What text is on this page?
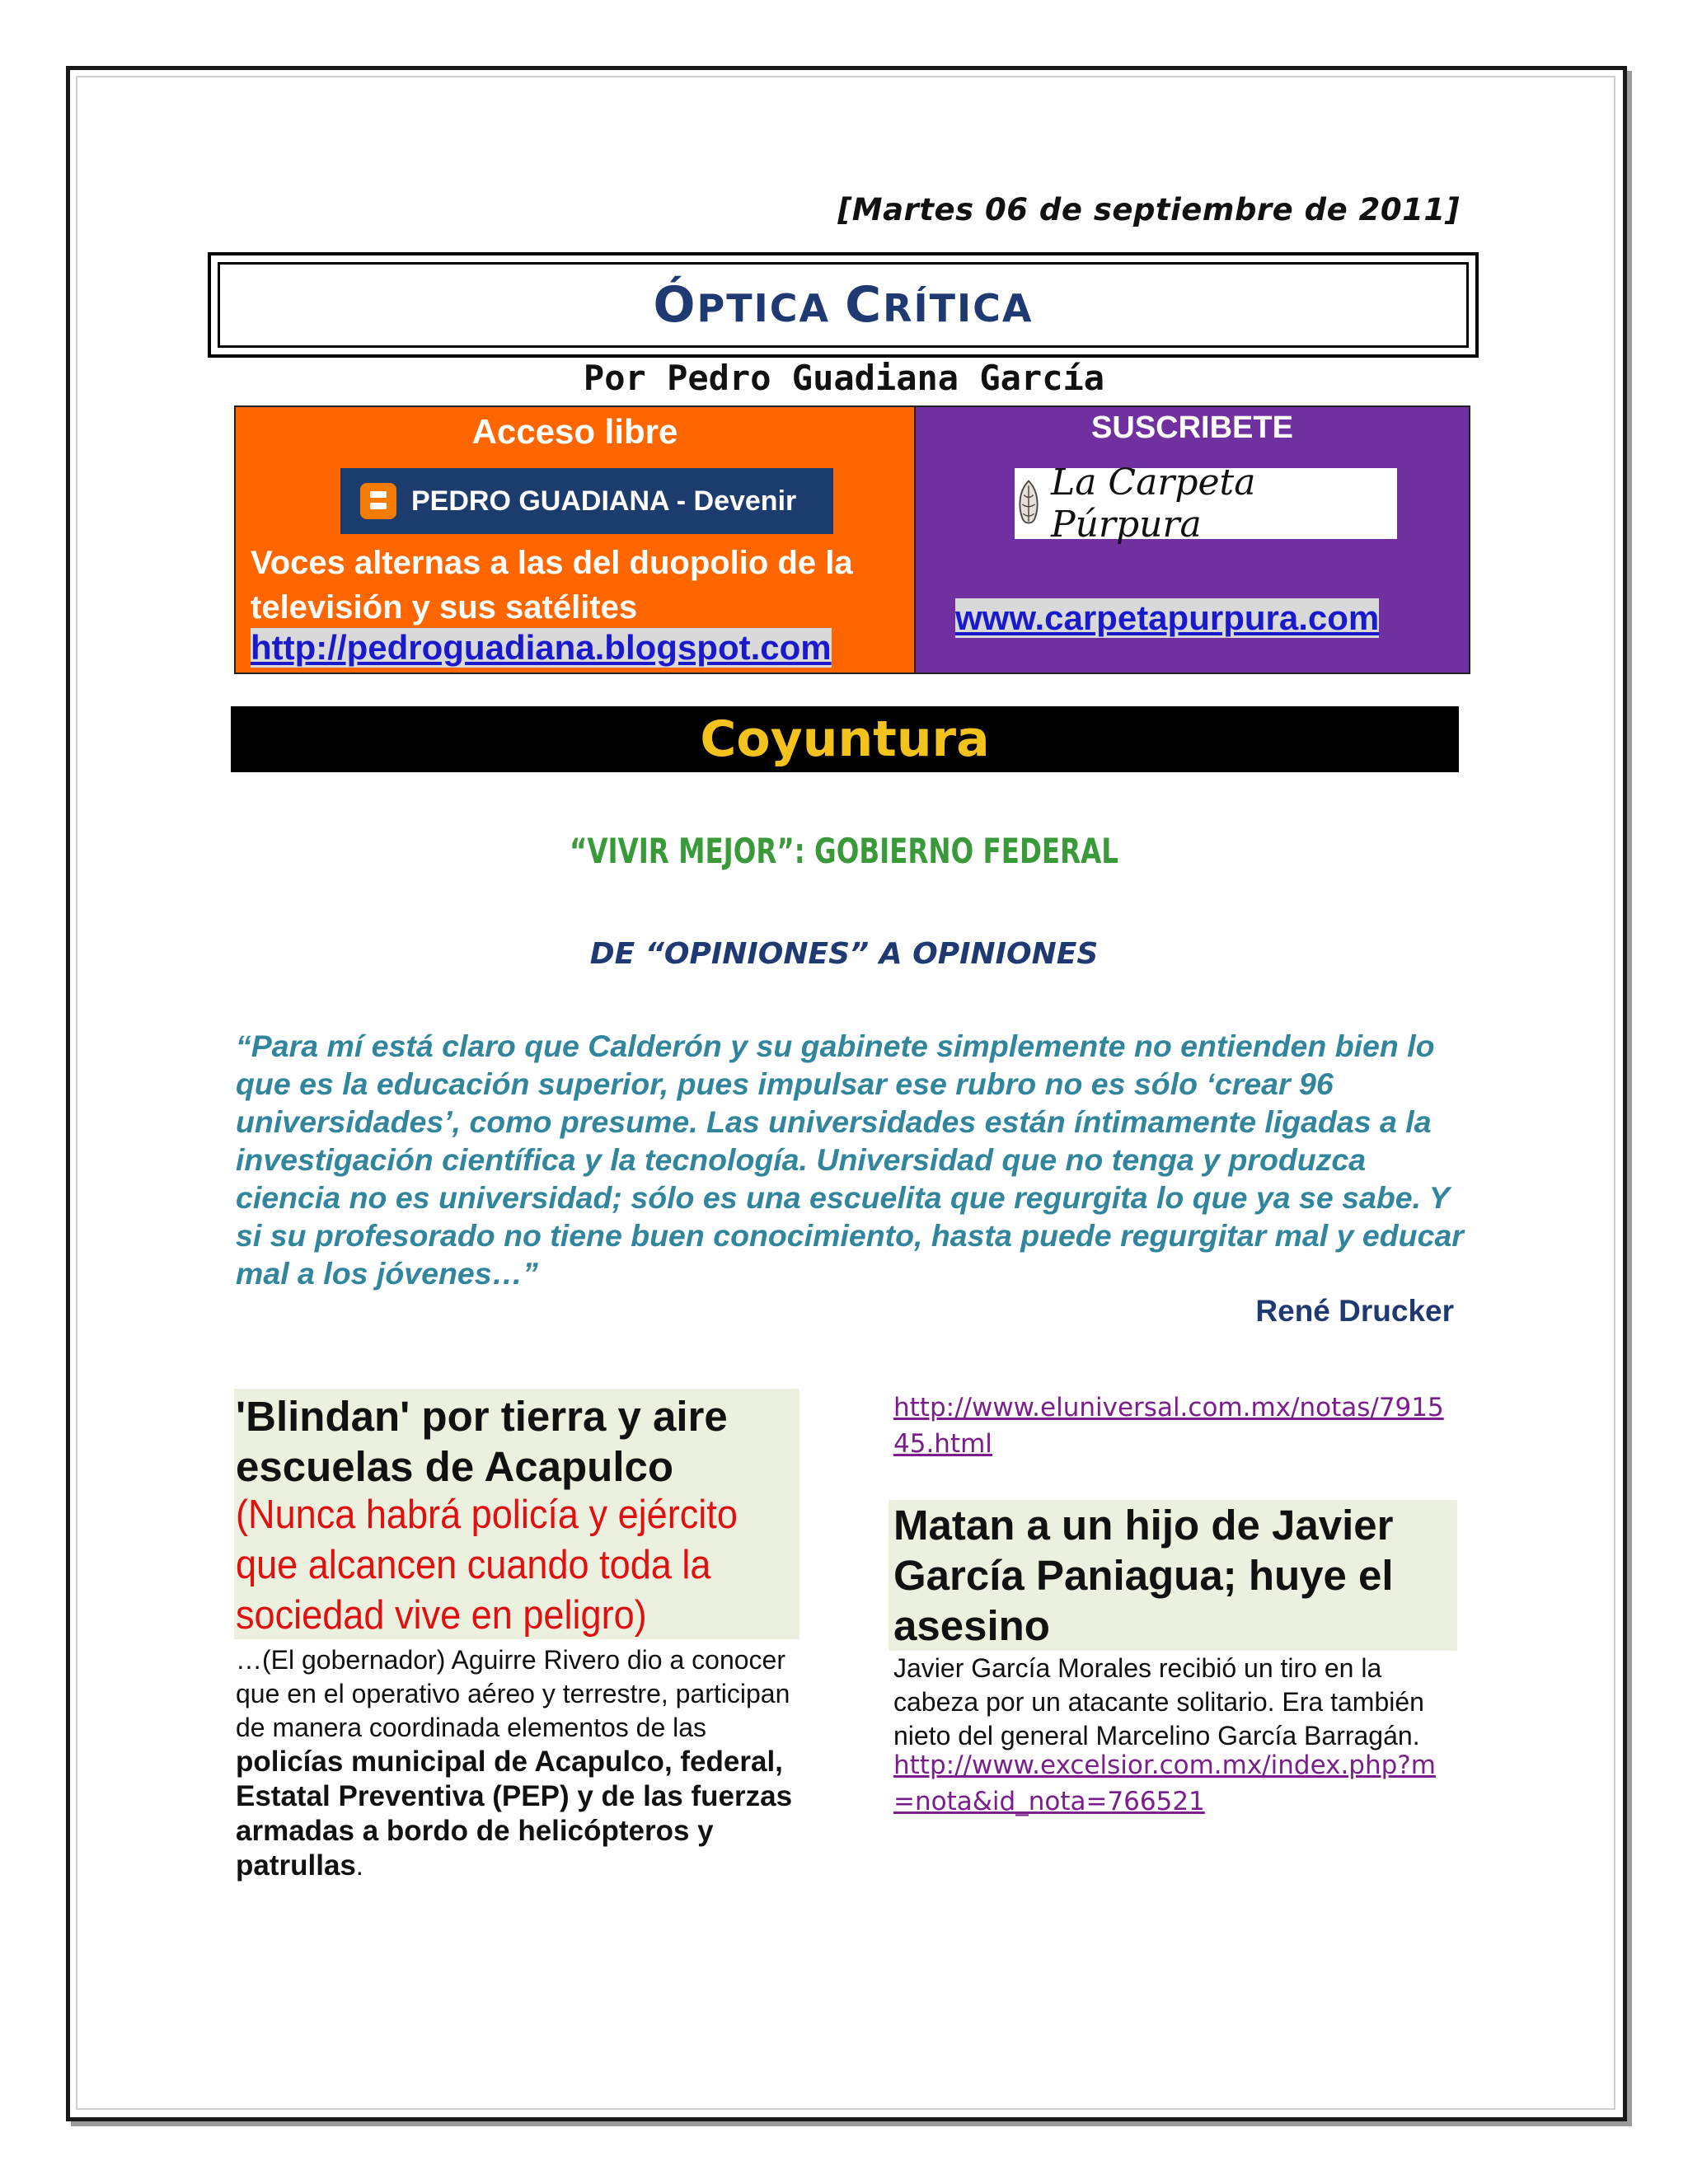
[Martes 06 de septiembre de 2011]
ÓPTICA CRÍTICA
Por Pedro Guadiana García
Acceso libre
PEDRO GUADIANA - Devenir
Voces alternas a las del duopolio de la televisión y sus satélites
http://pedroguadiana.blogspot.com
SUSCRIBETE
La Carpeta Púrpura
www.carpetapurpura.com
Coyuntura
“VIVIR MEJOR”: GOBIERNO FEDERAL
DE “OPINIONES” A OPINIONES
“Para mí está claro que Calderón y su gabinete simplemente no entienden bien lo que es la educación superior, pues impulsar ese rubro no es sólo ‘crear 96 universidades’, como presume. Las universidades están íntimamente ligadas a la investigación científica y la tecnología. Universidad que no tenga y produzca ciencia no es universidad; sólo es una escuelita que regurgita lo que ya se sabe. Y si su profesorado no tiene buen conocimiento, hasta puede regurgitar mal y educar mal a los jóvenes…”
René Drucker
'Blindan' por tierra y aire escuelas de Acapulco
(Nunca habrá policía y ejército que alcancen cuando toda la sociedad vive en peligro)
…(El gobernador) Aguirre Rivero dio a conocer que en el operativo aéreo y terrestre, participan de manera coordinada elementos de las policías municipal de Acapulco, federal, Estatal Preventiva (PEP) y de las fuerzas armadas a bordo de helicópteros y patrullas.
http://www.eluniversal.com.mx/notas/791545.html
Matan a un hijo de Javier García Paniagua; huye el asesino
Javier García Morales recibió un tiro en la cabeza por un atacante solitario. Era también nieto del general Marcelino García Barragán.
http://www.excelsior.com.mx/index.php?m=nota&id_nota=766521
